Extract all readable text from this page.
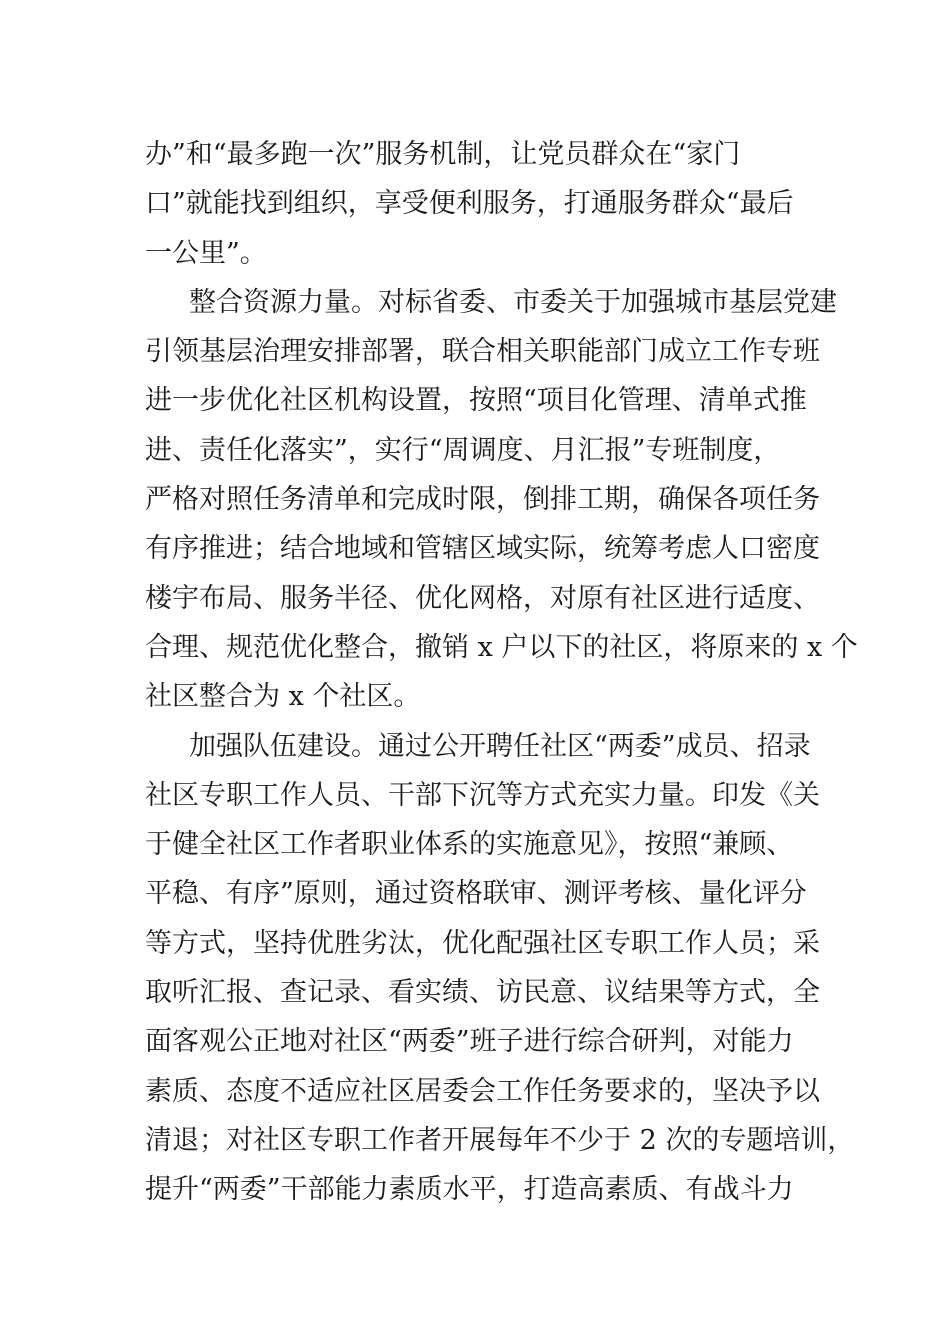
办”和“最多跑一次”服务机制，让党员群众在“家门
口”就能找到组织，享受便利服务，打通服务群众“最后
一公里”。
整合资源力量。对标省委、市委关于加强城市基层党建
引领基层治理安排部署，联合相关职能部门成立工作专班
进一步优化社区机构设置，按照“项目化管理、清单式推
进、责任化落实”，实行“周调度、月汇报”专班制度，
严格对照任务清单和完成时限，倒排工期，确保各项任务
有序推进；结合地域和管辖区域实际，统筹考虑人口密度
楼宇布局、服务半径、优化网格，对原有社区进行适度、
合理、规范优化整合，撤销 x 户以下的社区，将原来的 x 个
社区整合为 x 个社区。
加强队伍建设。通过公开聘任社区“两委”成员、招录
社区专职工作人员、干部下沉等方式充实力量。印发《关
于健全社区工作者职业体系的实施意见》，按照“兼顾、
平稳、有序”原则，通过资格联审、测评考核、量化评分
等方式，坚持优胜劣汰，优化配强社区专职工作人员；采
取听汇报、查记录、看实绩、访民意、议结果等方式，全
面客观公正地对社区“两委”班子进行综合研判，对能力
素质、态度不适应社区居委会工作任务要求的，坚决予以
清退；对社区专职工作者开展每年不少于 2 次的专题培训，
提升“两委”干部能力素质水平，打造高素质、有战斗力
